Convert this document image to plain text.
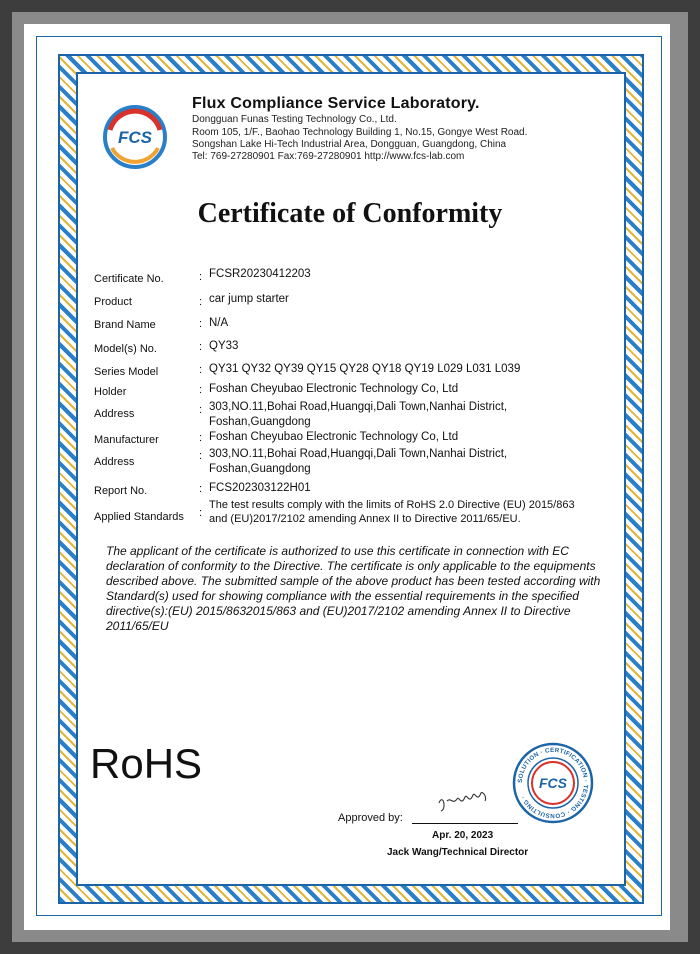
FCS
Flux Compliance Service Laboratory.
Dongguan Funas Testing Technology Co., Ltd.
Room 105, 1/F., Baohao Technology Building 1, No.15, Gongye West Road.
Songshan Lake Hi-Tech Industrial Area, Dongguan, Guangdong, China
Tel: 769-27280901 Fax:769-27280901 http://www.fcs-lab.com
Certificate of Conformity
Certificate No.	: FCSR20230412203
Product	: car jump starter
Brand Name	: N/A
Model(s) No.	: QY33
Series Model	: QY31 QY32 QY39 QY15 QY28 QY18 QY19 L029 L031 L039
Holder	: Foshan Cheyubao Electronic Technology Co, Ltd
Address	: 303,NO.11,Bohai Road,Huangqi,Dali Town,Nanhai District,
Foshan,Guangdong
Manufacturer	: Foshan Cheyubao Electronic Technology Co, Ltd
Address	: 303,NO.11,Bohai Road,Huangqi,Dali Town,Nanhai District,
Foshan,Guangdong
Report No.	: FCS202303122H01
Applied Standards :
The test results comply with the limits of RoHS 2.0 Directive (EU) 2015/863
and (EU)2017/2102 amending Annex II to Directive 2011/65/EU.

The applicant of the certificate is authorized to use this certificate in connection with EC declaration of conformity to the Directive. The certificate is only applicable to the equipments described above. The submitted sample of the above product has been tested according with Standard(s) used for showing compliance with the essential requirements in the specified directive(s):(EU) 2015/8632015/863 and (EU)2017/2102 amending Annex II to Directive 2011/65/EU

RoHS
Approved by:
Apr. 20, 2023
Jack Wang/Technical Director
SOLUTION · CERTIFICATION · TESTING · CONSULTING ·
FCS
